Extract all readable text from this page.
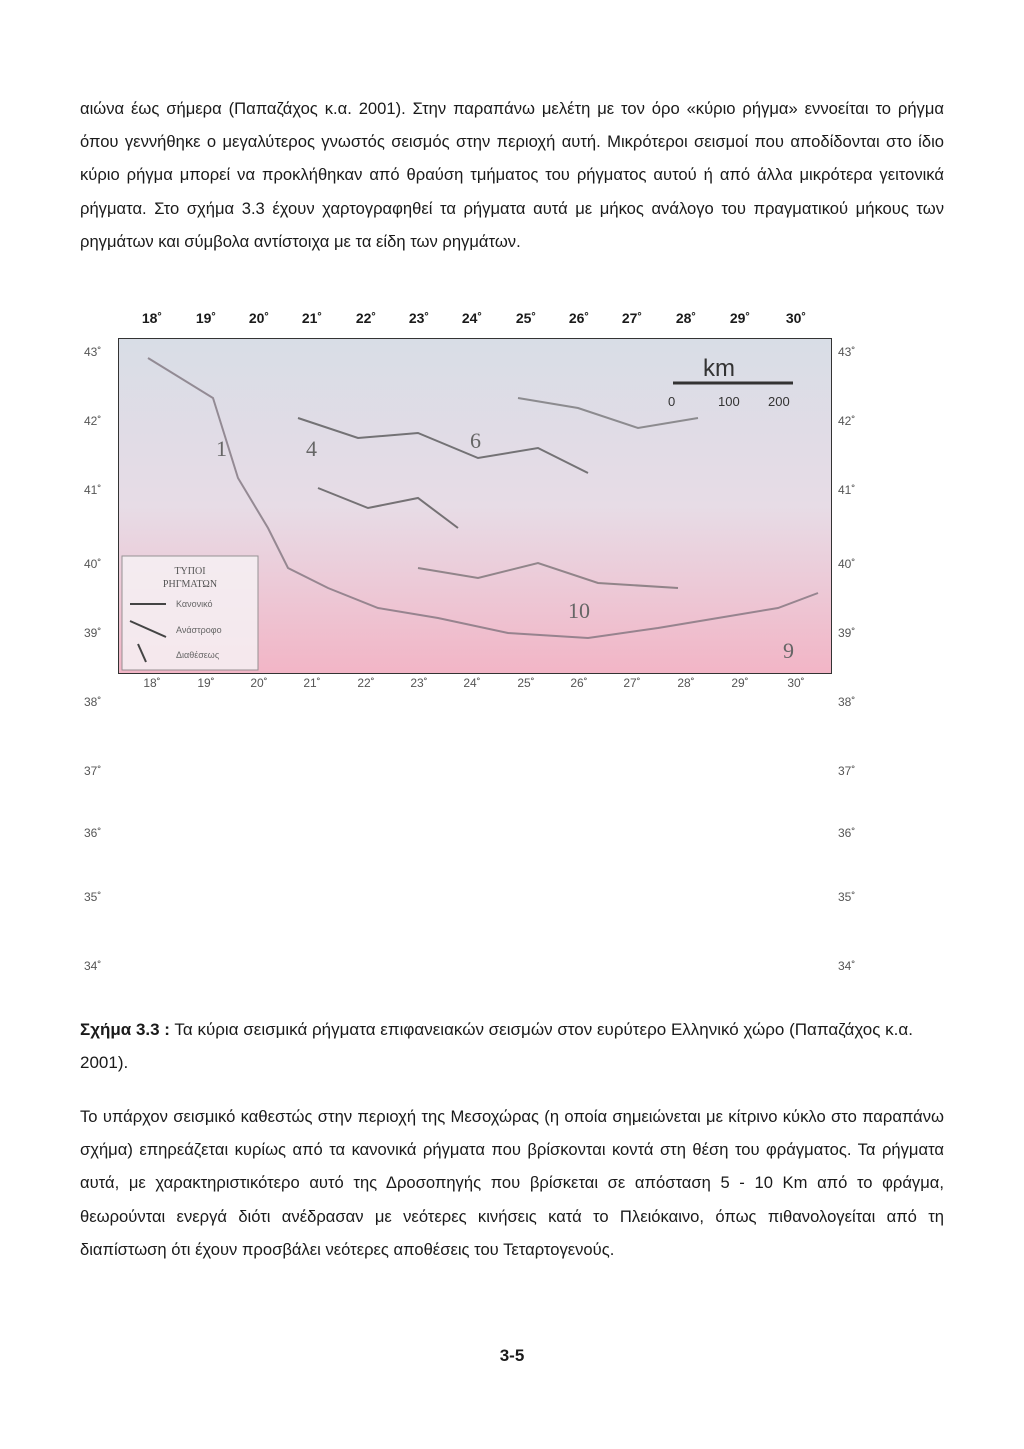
αιώνα έως σήμερα (Παπαζάχος κ.α. 2001). Στην παραπάνω μελέτη με τον όρο «κύριο ρήγμα» εννοείται το ρήγμα όπου γεννήθηκε ο μεγαλύτερος γνωστός σεισμός στην περιοχή αυτή. Μικρότεροι σεισμοί που αποδίδονται στο ίδιο κύριο ρήγμα μπορεί να προκλήθηκαν από θραύση τμήματος του ρήγματος αυτού ή από άλλα μικρότερα γειτονικά ρήγματα. Στο σχήμα 3.3 έχουν χαρτογραφηθεί τα ρήγματα αυτά με μήκος ανάλογο του πραγματικού μήκους των ρηγμάτων και σύμβολα αντίστοιχα με τα είδη των ρηγμάτων.

18˚ 19˚ 20˚ 21˚ 22˚ 23˚ 24˚ 25˚ 26˚ 27˚ 28˚ 29˚	30˚
43˚
42˚
41˚
40˚
39˚
38˚
37˚
36˚
35˚
34˚
43˚
42˚
41˚
40˚
39˚
38˚
37˚
36˚
35˚
34˚
1	4	6
9
10
km
0	100 200
ΤΥΠΟΙ
ΡΗΓΜΑΤΩΝ
Κανονικό
Ανάστροφο
Διαθέσεως
18˚	19˚	20˚	21˚	22˚	23˚	24˚	25˚	26˚	27˚	28˚	29˚	30˚

Σχήμα 3.3 : Τα κύρια σεισμικά ρήγματα επιφανειακών σεισμών στον ευρύτερο Ελληνικό χώρο (Παπαζάχος κ.α. 2001).

Το υπάρχον σεισμικό καθεστώς στην περιοχή της Μεσοχώρας (η οποία σημειώνεται με κίτρινο κύκλο στο παραπάνω σχήμα) επηρεάζεται κυρίως από τα κανονικά ρήγματα που βρίσκονται κοντά στη θέση του φράγματος. Τα ρήγματα αυτά, με χαρακτηριστικότερο αυτό της Δροσοπηγής που βρίσκεται σε απόσταση 5 - 10 Km από το φράγμα, θεωρούνται ενεργά διότι ανέδρασαν με νεότερες κινήσεις κατά το Πλειόκαινο, όπως πιθανολογείται από τη διαπίστωση ότι έχουν προσβάλει νεότερες αποθέσεις του Τεταρτογενούς.

3-5
